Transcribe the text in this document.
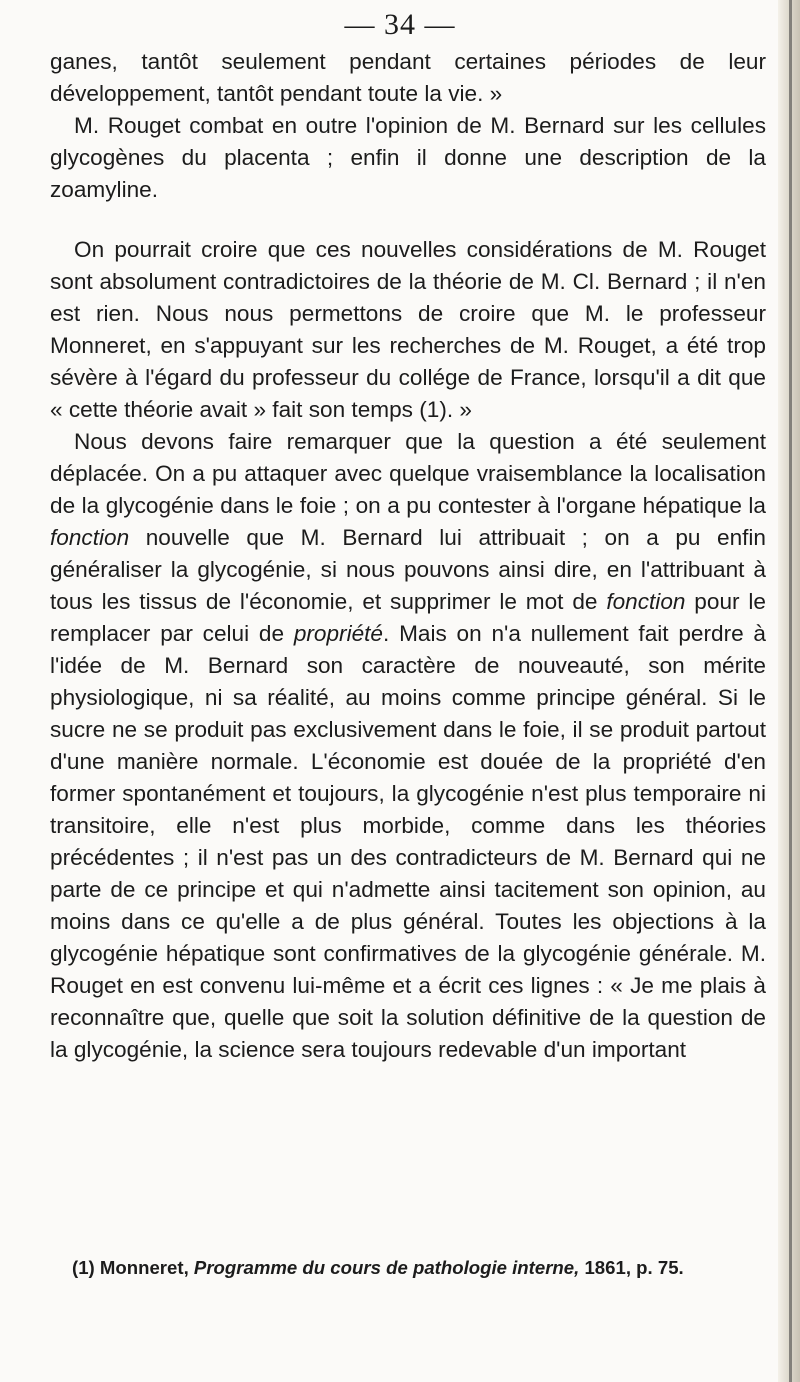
— 34 —

ganes, tantôt seulement pendant certaines périodes de leur développement, tantôt pendant toute la vie. »

M. Rouget combat en outre l'opinion de M. Bernard sur les cellules glycogènes du placenta ; enfin il donne une description de la zoamyline.

On pourrait croire que ces nouvelles considérations de M. Rouget sont absolument contradictoires de la théorie de M. Cl. Bernard ; il n'en est rien. Nous nous permettons de croire que M. le professeur Monneret, en s'appuyant sur les recherches de M. Rouget, a été trop sévère à l'égard du professeur du collége de France, lorsqu'il a dit que « cette théorie avait » fait son temps (1). »

Nous devons faire remarquer que la question a été seulement déplacée. On a pu attaquer avec quelque vraisemblance la localisation de la glycogénie dans le foie ; on a pu contester à l'organe hépatique la fonction nouvelle que M. Bernard lui attribuait ; on a pu enfin généraliser la glycogénie, si nous pouvons ainsi dire, en l'attribuant à tous les tissus de l'économie, et supprimer le mot de fonction pour le remplacer par celui de propriété. Mais on n'a nullement fait perdre à l'idée de M. Bernard son caractère de nouveauté, son mérite physiologique, ni sa réalité, au moins comme principe général. Si le sucre ne se produit pas exclusivement dans le foie, il se produit partout d'une manière normale. L'économie est douée de la propriété d'en former spontanément et toujours, la glycogénie n'est plus temporaire ni transitoire, elle n'est plus morbide, comme dans les théories précédentes ; il n'est pas un des contradicteurs de M. Bernard qui ne parte de ce principe et qui n'admette ainsi tacitement son opinion, au moins dans ce qu'elle a de plus général. Toutes les objections à la glycogénie hépatique sont confirmatives de la glycogénie générale. M. Rouget en est convenu lui-même et a écrit ces lignes : « Je me plais à reconnaître que, quelle que soit la solution définitive de la question de la glycogénie, la science sera toujours redevable d'un important

(1) Monneret, Programme du cours de pathologie interne, 1861, p. 75.
